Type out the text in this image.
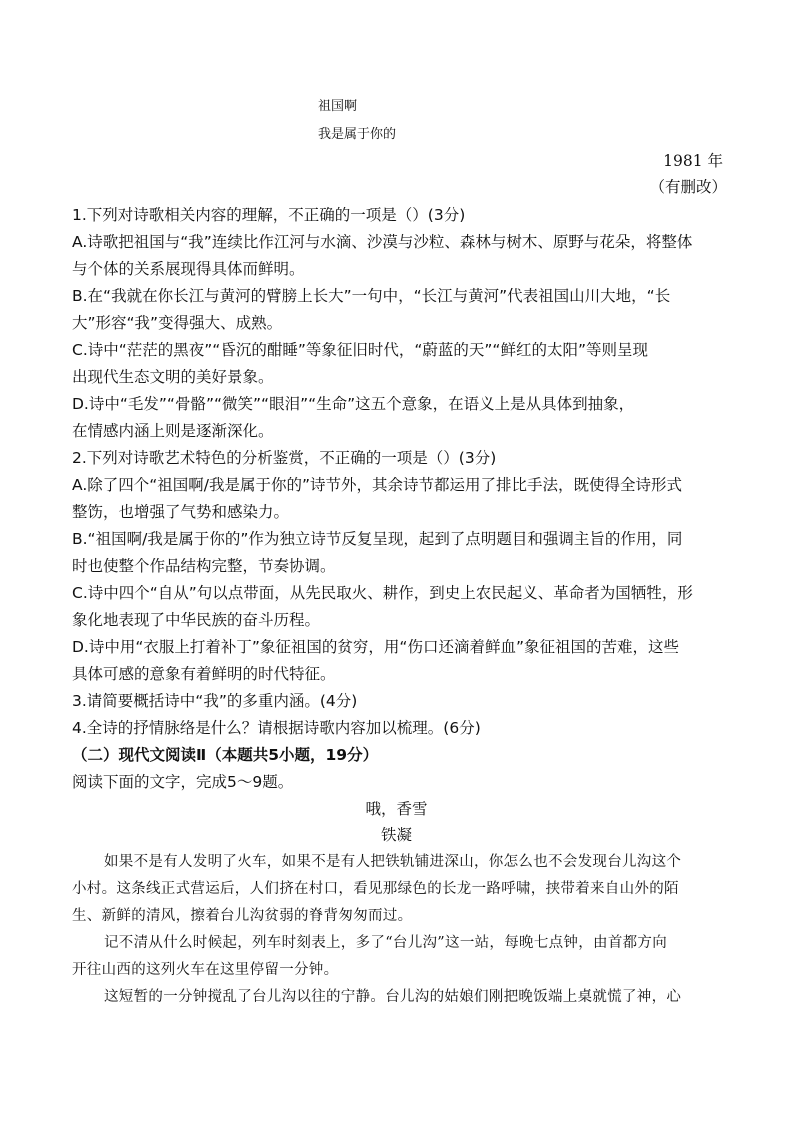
祖国啊
我是属于你的
1981 年
（有删改）
1.下列对诗歌相关内容的理解，不正确的一项是（）(3分)
A.诗歌把祖国与“我”连续比作江河与水滴、沙漠与沙粒、森林与树木、原野与花朵，将整体
与个体的关系展现得具体而鲜明。
B.在“我就在你长江与黄河的臂膀上长大”一句中，“长江与黄河”代表祖国山川大地，“长
大”形容“我”变得强大、成熟。
C.诗中“茫茫的黑夜”“昏沉的酣睡”等象征旧时代，“蔚蓝的天”“鲜红的太阳”等则呈现
出现代生态文明的美好景象。
D.诗中“毛发”“骨骼”“微笑”“眼泪”“生命”这五个意象，在语义上是从具体到抽象，
在情感内涵上则是逐渐深化。
2.下列对诗歌艺术特色的分析鉴赏，不正确的一项是（）(3分)
A.除了四个“祖国啊/我是属于你的”诗节外，其余诗节都运用了排比手法，既使得全诗形式
整饬，也增强了气势和感染力。
B.“祖国啊/我是属于你的”作为独立诗节反复呈现，起到了点明题目和强调主旨的作用，同
时也使整个作品结构完整，节奏协调。
C.诗中四个“自从”句以点带面，从先民取火、耕作，到史上农民起义、革命者为国牺牲，形
象化地表现了中华民族的奋斗历程。
D.诗中用“衣服上打着补丁”象征祖国的贫穷，用“伤口还滴着鲜血”象征祖国的苦难，这些
具体可感的意象有着鲜明的时代特征。
3.请简要概括诗中“我”的多重内涵。(4分)
4.全诗的抒情脉络是什么？请根据诗歌内容加以梳理。(6分)
（二）现代文阅读Ⅱ（本题共5小题，19分）
阅读下面的文字，完成5～9题。
哦，香雪
铁凝
如果不是有人发明了火车，如果不是有人把铁轨铺进深山，你怎么也不会发现台儿沟这个
小村。这条线正式营运后，人们挤在村口，看见那绿色的长龙一路呼啸，挟带着来自山外的陌
生、新鲜的清风，擦着台儿沟贫弱的脊背匆匆而过。
记不清从什么时候起，列车时刻表上，多了“台儿沟”这一站，每晚七点钟，由首都方向
开往山西的这列火车在这里停留一分钟。
这短暂的一分钟搅乱了台儿沟以往的宁静。台儿沟的姑娘们刚把晚饭端上桌就慌了神，心
